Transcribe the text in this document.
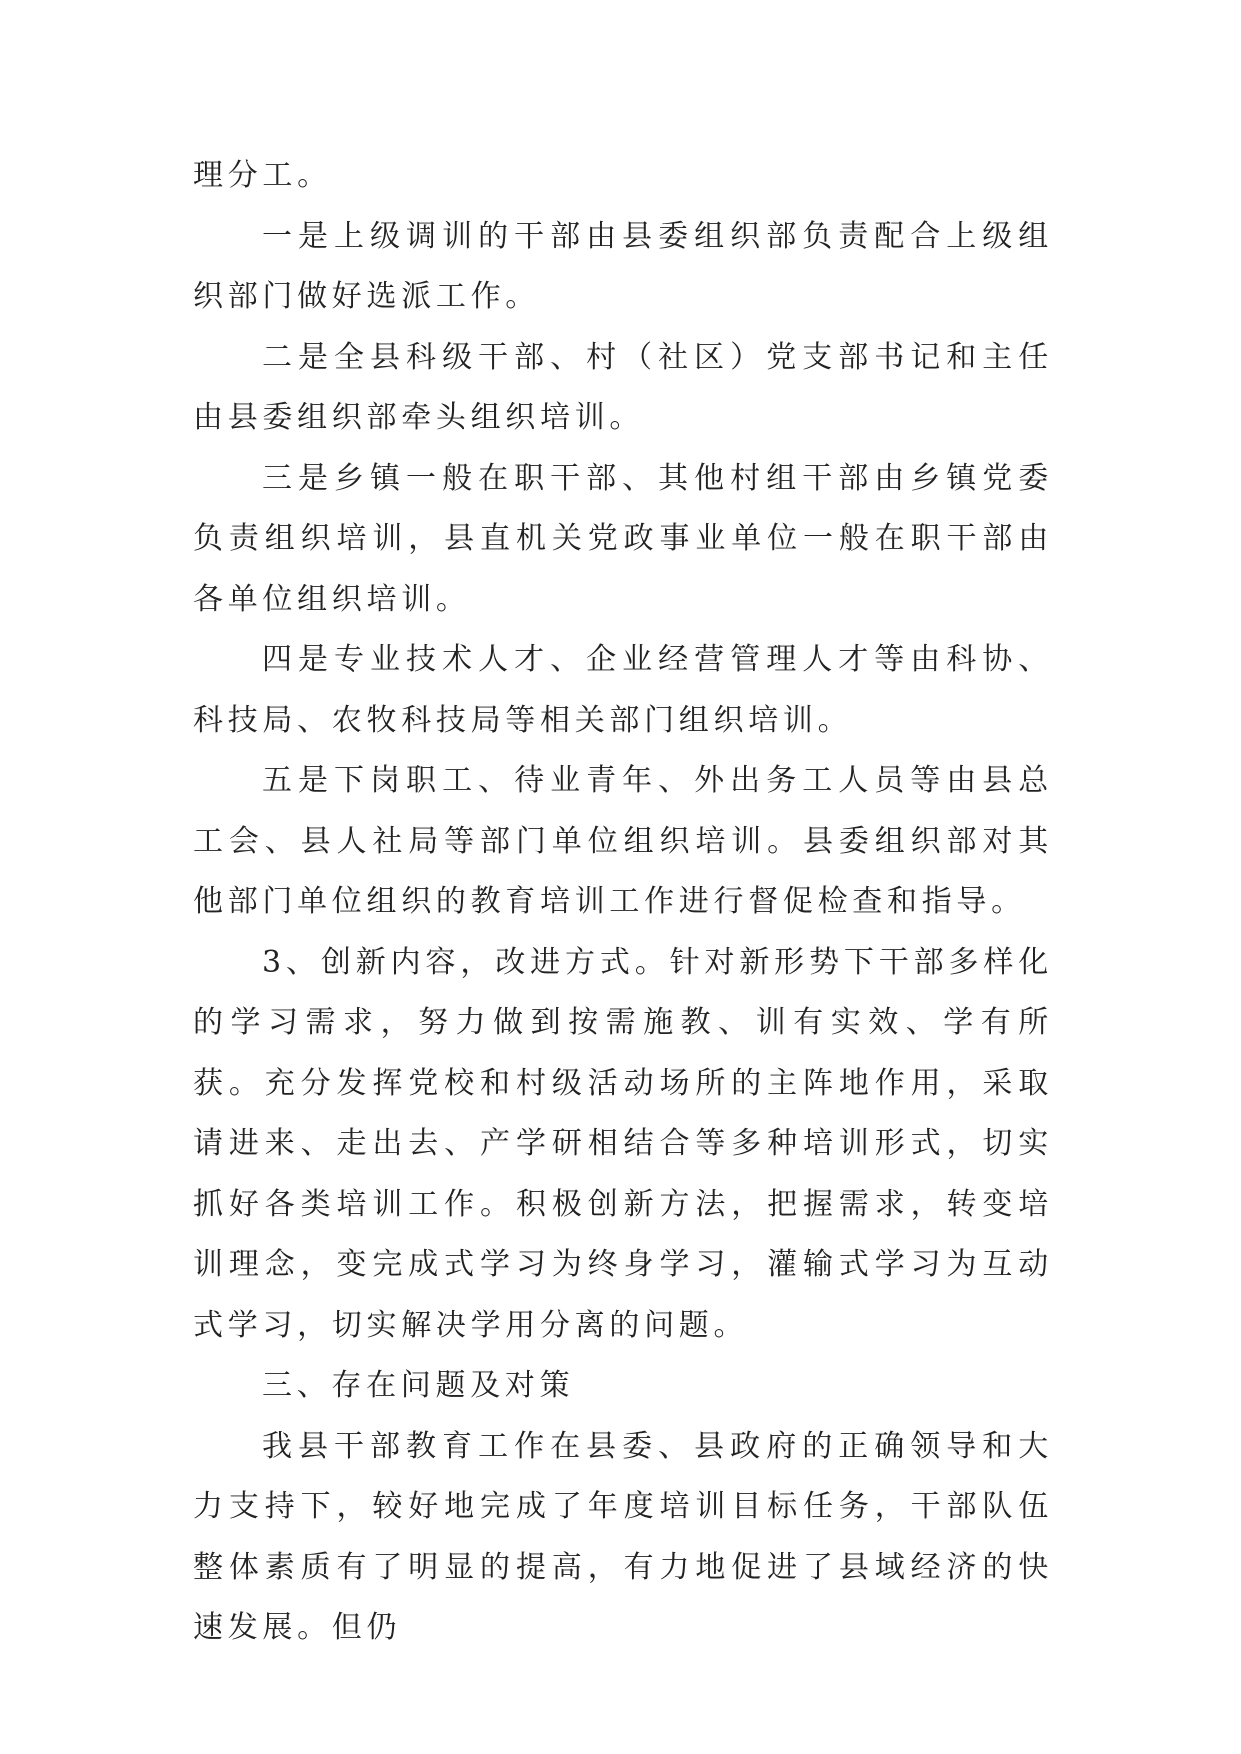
理分工。

一是上级调训的干部由县委组织部负责配合上级组织部门做好选派工作。

二是全县科级干部、村（社区）党支部书记和主任由县委组织部牵头组织培训。

三是乡镇一般在职干部、其他村组干部由乡镇党委负责组织培训，县直机关党政事业单位一般在职干部由各单位组织培训。

四是专业技术人才、企业经营管理人才等由科协、科技局、农牧科技局等相关部门组织培训。

五是下岗职工、待业青年、外出务工人员等由县总工会、县人社局等部门单位组织培训。县委组织部对其他部门单位组织的教育培训工作进行督促检查和指导。

3、创新内容，改进方式。针对新形势下干部多样化的学习需求，努力做到按需施教、训有实效、学有所获。充分发挥党校和村级活动场所的主阵地作用，采取请进来、走出去、产学研相结合等多种培训形式，切实抓好各类培训工作。积极创新方法，把握需求，转变培训理念，变完成式学习为终身学习，灌输式学习为互动式学习，切实解决学用分离的问题。

三、存在问题及对策

我县干部教育工作在县委、县政府的正确领导和大力支持下，较好地完成了年度培训目标任务，干部队伍整体素质有了明显的提高，有力地促进了县域经济的快速发展。但仍
